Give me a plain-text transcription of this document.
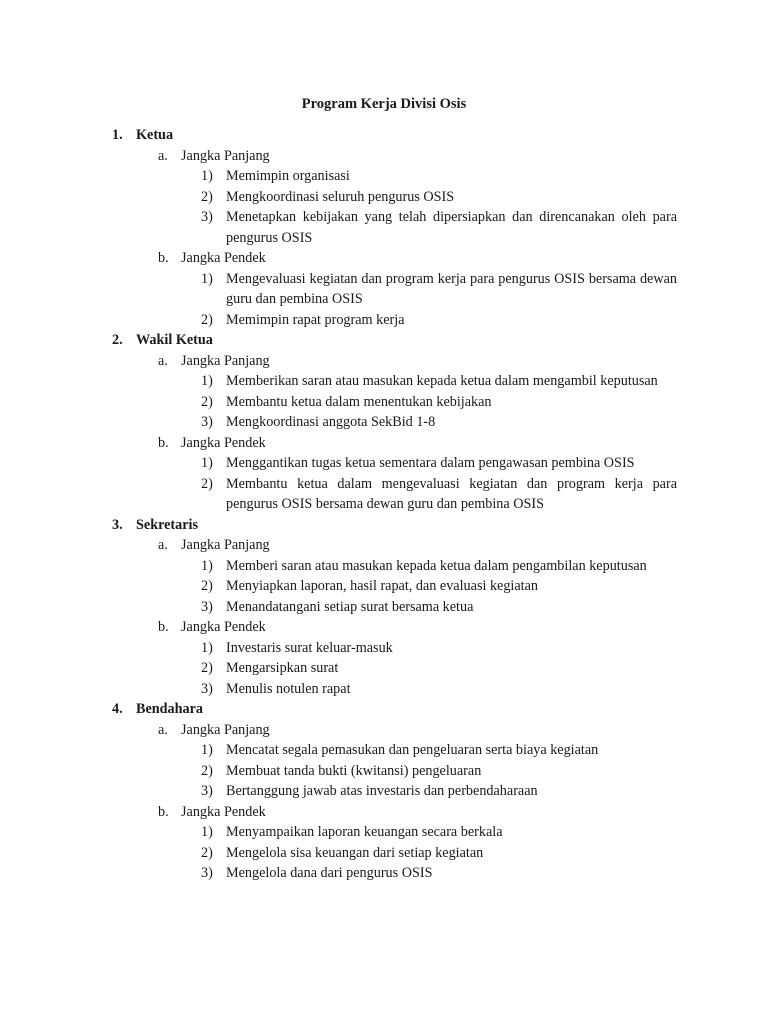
Program Kerja Divisi Osis
1. Ketua
a. Jangka Panjang
1) Memimpin organisasi
2) Mengkoordinasi seluruh pengurus OSIS
3) Menetapkan kebijakan yang telah dipersiapkan dan direncanakan oleh para pengurus OSIS
b. Jangka Pendek
1) Mengevaluasi kegiatan dan program kerja para pengurus OSIS bersama dewan guru dan pembina OSIS
2) Memimpin rapat program kerja
2. Wakil Ketua
a. Jangka Panjang
1) Memberikan saran atau masukan kepada ketua dalam mengambil keputusan
2) Membantu ketua dalam menentukan kebijakan
3) Mengkoordinasi anggota SekBid 1-8
b. Jangka Pendek
1) Menggantikan tugas ketua sementara dalam pengawasan pembina OSIS
2) Membantu ketua dalam mengevaluasi kegiatan dan program kerja para pengurus OSIS bersama dewan guru dan pembina OSIS
3. Sekretaris
a. Jangka Panjang
1) Memberi saran atau masukan kepada ketua dalam pengambilan keputusan
2) Menyiapkan laporan, hasil rapat, dan evaluasi kegiatan
3) Menandatangani setiap surat bersama ketua
b. Jangka Pendek
1) Investaris surat keluar-masuk
2) Mengarsipkan surat
3) Menulis notulen rapat
4. Bendahara
a. Jangka Panjang
1) Mencatat segala pemasukan dan pengeluaran serta biaya kegiatan
2) Membuat tanda bukti (kwitansi) pengeluaran
3) Bertanggung jawab atas investaris dan perbendaharaan
b. Jangka Pendek
1) Menyampaikan laporan keuangan secara berkala
2) Mengelola sisa keuangan dari setiap kegiatan
3) Mengelola dana dari pengurus OSIS
